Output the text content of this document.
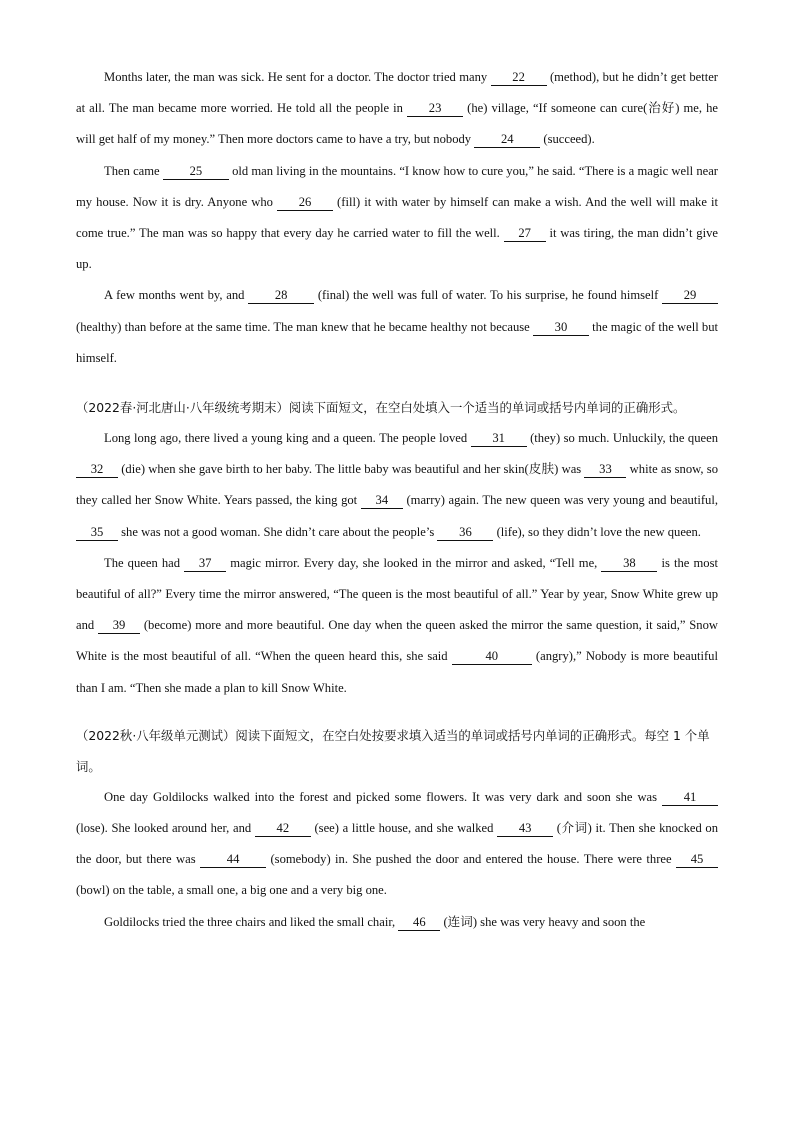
Months later, the man was sick. He sent for a doctor. The doctor tried many 22 (method), but he didn’t get better at all. The man became more worried. He told all the people in 23 (he) village, “If someone can cure(治好) me, he will get half of my money.” Then more doctors came to have a try, but nobody 24 (succeed).

Then came 25 old man living in the mountains. “I know how to cure you,” he said. “There is a magic well near my house. Now it is dry. Anyone who 26 (fill) it with water by himself can make a wish. And the well will make it come true.” The man was so happy that every day he carried water to fill the well. 27 it was tiring, the man didn’t give up.

A few months went by, and 28 (final) the well was full of water. To his surprise, he found himself 29 (healthy) than before at the same time. The man knew that he became healthy not because 30 the magic of the well but himself.

（2022春·河北唐山·八年级统考期末）阅读下面短文，在空白处填入一个适当的单词或括号内单词的正确形式。

Long long ago, there lived a young king and a queen. The people loved 31 (they) so much. Unluckily, the queen 32 (die) when she gave birth to her baby. The little baby was beautiful and her skin(皮肤) was 33 white as snow, so they called her Snow White. Years passed, the king got 34 (marry) again. The new queen was very young and beautiful, 35 she was not a good woman. She didn’t care about the people’s 36 (life), so they didn’t love the new queen.

The queen had 37 magic mirror. Every day, she looked in the mirror and asked, “Tell me, 38 is the most beautiful of all?” Every time the mirror answered, “The queen is the most beautiful of all.” Year by year, Snow White grew up and 39 (become) more and more beautiful. One day when the queen asked the mirror the same question, it said,” Snow White is the most beautiful of all. “When the queen heard this, she said	40	(angry),” Nobody is more beautiful than I am. “Then she made a plan to kill Snow White.

（2022秋·八年级单元测试）阅读下面短文，在空白处按要求填入适当的单词或括号内单词的正确形式。每空 1 个单词。

One day Goldilocks walked into the forest and picked some flowers. It was very dark and soon she was 41 (lose). She looked around her, and 42 (see) a little house, and she walked 43 (介词) it. Then she knocked on the door, but there was 44 (somebody) in. She pushed the door and entered the house. There were three 45 (bowl) on the table, a small one, a big one and a very big one.

Goldilocks tried the three chairs and liked the small chair, 46 (连词) she was very heavy and soon the
